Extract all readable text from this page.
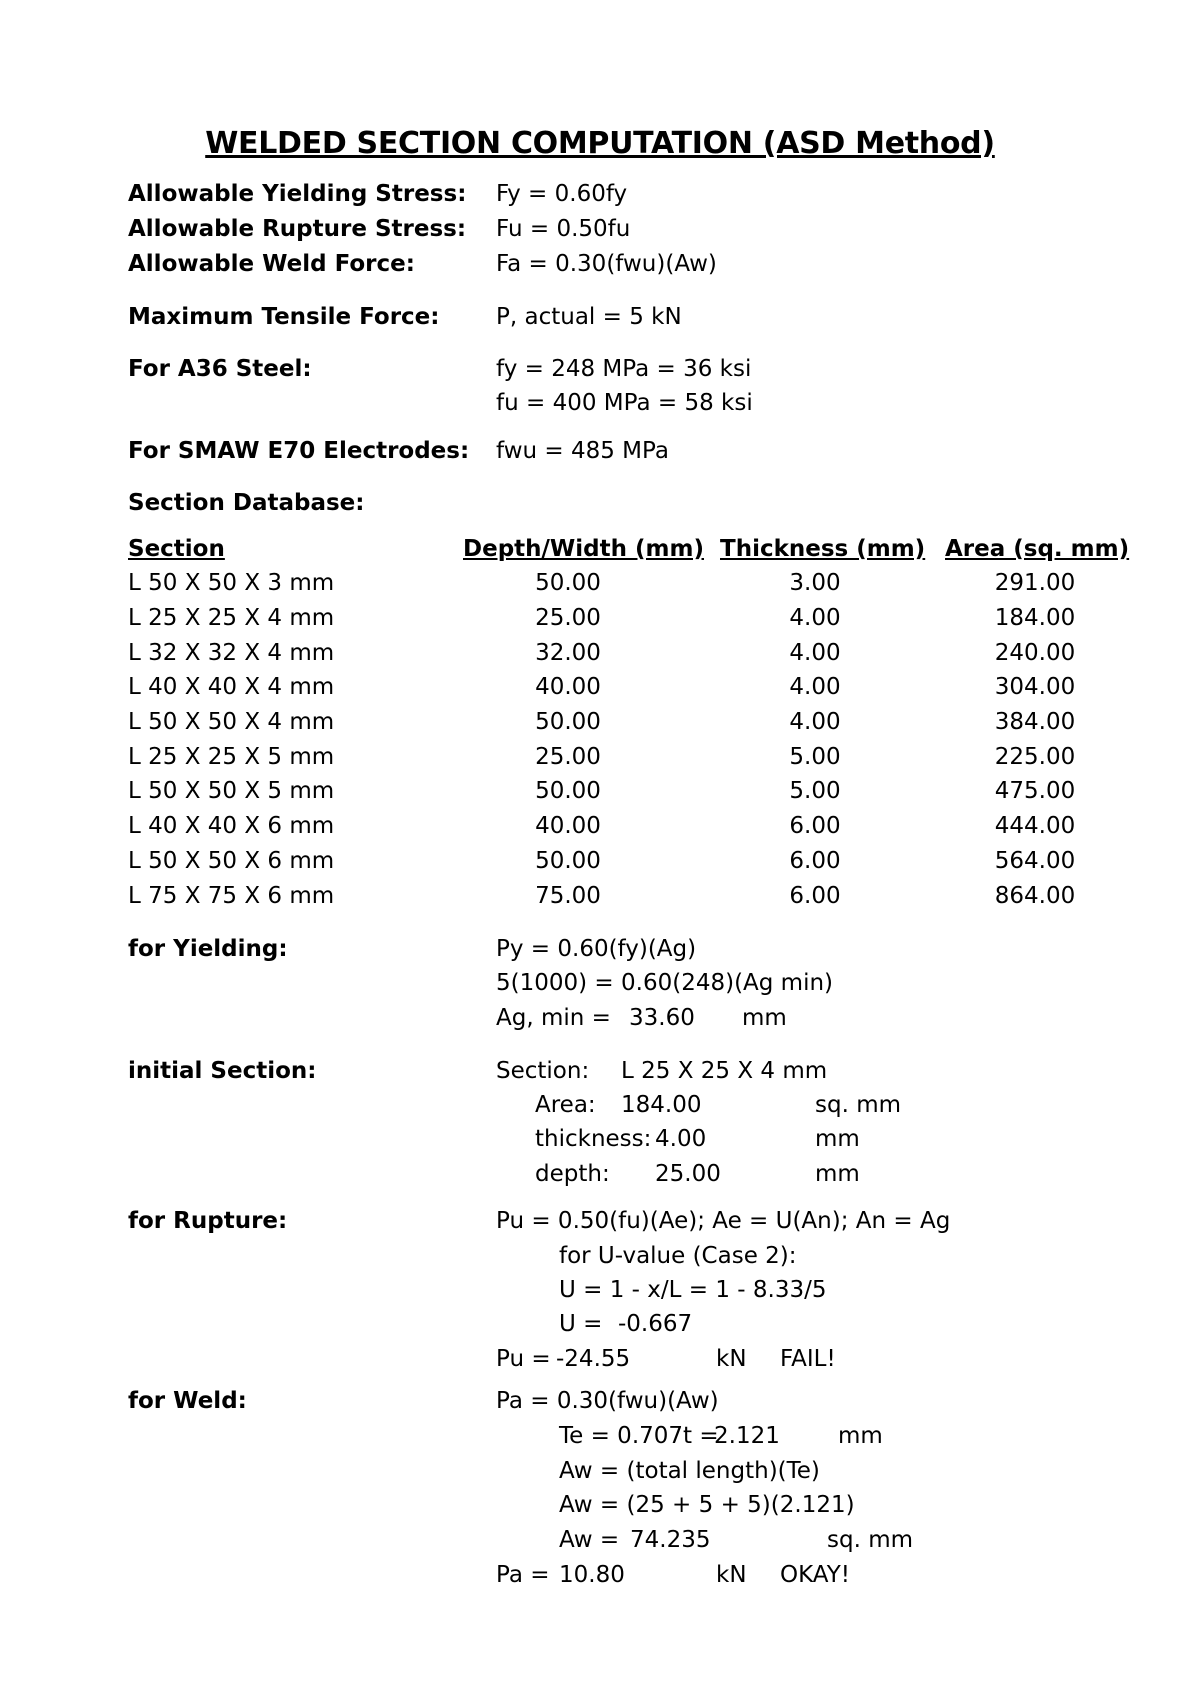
WELDED SECTION COMPUTATION (ASD Method)
Allowable Yielding Stress: Fy = 0.60fy
Allowable Rupture Stress: Fu = 0.50fu
Allowable Weld Force:	Fa = 0.30(fwu)(Aw)
Maximum Tensile Force: P, actual = 5 kN
For A36 Steel:	fy = 248 MPa = 36 ksi
fu = 400 MPa = 58 ksi
For SMAW E70 Electrodes: fwu = 485 MPa
Section Database:
Section	Depth/Width (mm) Thickness (mm) Area (sq. mm)
L 50 X 50 X 3 mm	50.00	3.00	291.00
L 25 X 25 X 4 mm	25.00	4.00	184.00
L 32 X 32 X 4 mm	32.00	4.00	240.00
L 40 X 40 X 4 mm	40.00	4.00	304.00
L 50 X 50 X 4 mm	50.00	4.00	384.00
L 25 X 25 X 5 mm	25.00	5.00	225.00
L 50 X 50 X 5 mm	50.00	5.00	475.00
L 40 X 40 X 6 mm	40.00	6.00	444.00
L 50 X 50 X 6 mm	50.00	6.00	564.00
L 75 X 75 X 6 mm	75.00	6.00	864.00
for Yielding:	Py = 0.60(fy)(Ag)
5(1000) = 0.60(248)(Ag min)
Ag, min = 33.60 mm
initial Section:	Section: L 25 X 25 X 4 mm
Area: 184.00	sq. mm
thickness: 4.00	mm
depth: 25.00	mm
for Rupture:	Pu = 0.50(fu)(Ae); Ae = U(An); An = Ag
for U-value (Case 2):
U = 1 - x/L = 1 - 8.33/5
U = -0.667
Pu = -24.55	kN FAIL!
for Weld:	Pa = 0.30(fwu)(Aw)
Te = 0.707t =
2.121	mm
Aw = (total length)(Te)
Aw = (25 + 5 + 5)(2.121)
Aw = 74.235	sq. mm
Pa = 10.80	kN OKAY!
